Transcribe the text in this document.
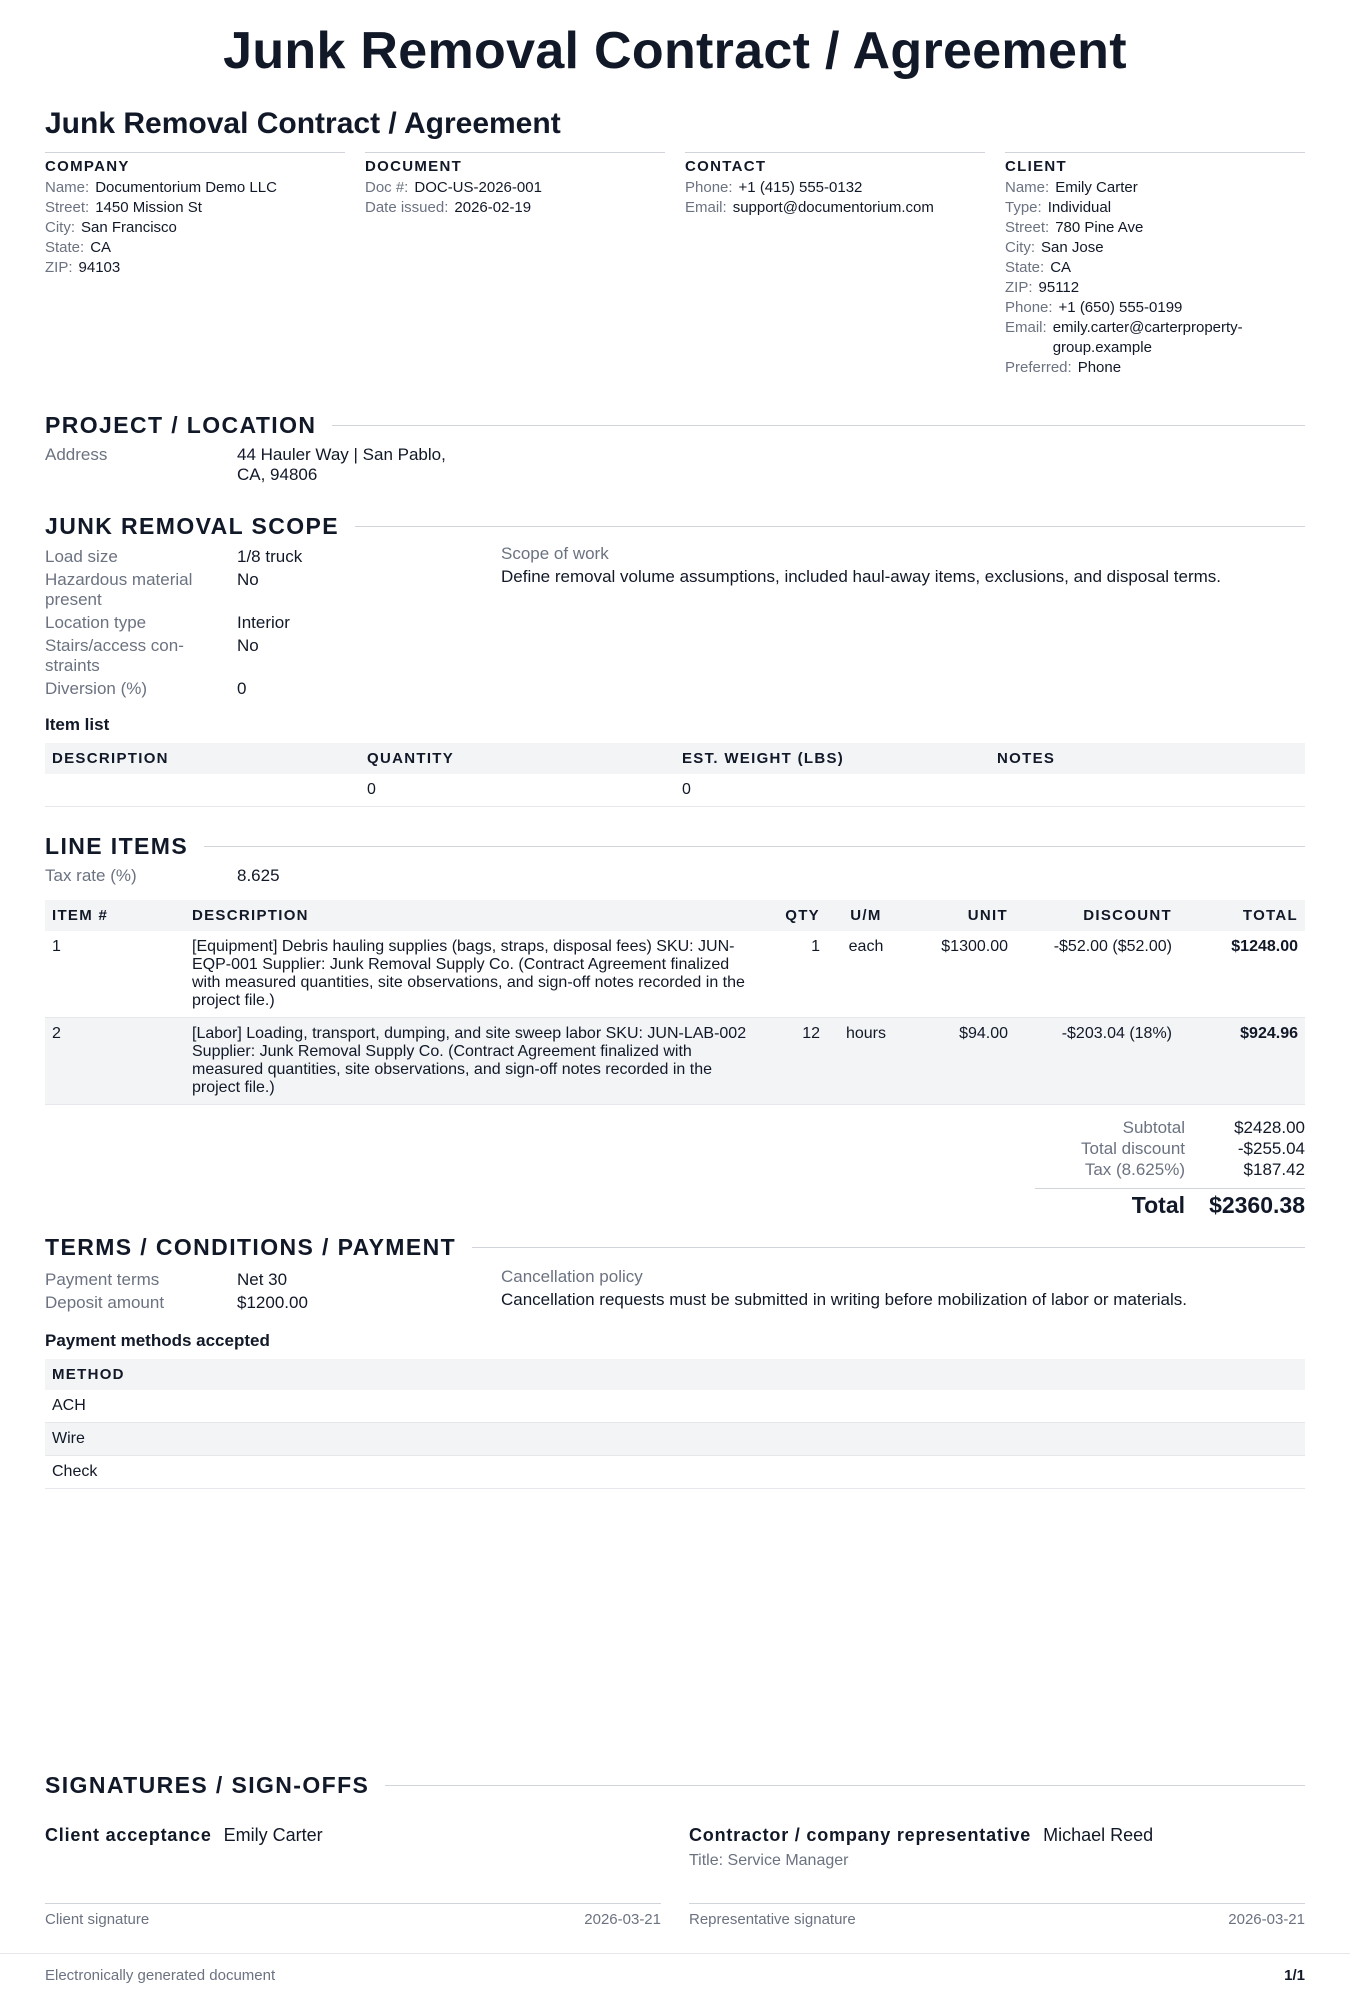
Junk Removal Contract / Agreement
Junk Removal Contract / Agreement
COMPANY
Name: Documentorium Demo LLC
Street: 1450 Mission St
City: San Francisco
State: CA
ZIP: 94103
DOCUMENT
Doc #: DOC-US-2026-001
Date issued: 2026-02-19
CONTACT
Phone: +1 (415) 555-0132
Email: support@documentorium.com
CLIENT
Name: Emily Carter
Type: Individual
Street: 780 Pine Ave
City: San Jose
State: CA
ZIP: 95112
Phone: +1 (650) 555-0199
Email: emily.carter@carterproperty-group.example
Preferred: Phone
PROJECT / LOCATION
Address	44 Hauler Way | San Pablo,
CA, 94806
JUNK REMOVAL SCOPE
Load size	1/8 truck
Hazardous material present
No
Location type	Interior
Stairs/access con-straints
No
Diversion (%)	0
Scope of work
Define removal volume assumptions, included haul-away items, exclusions, and disposal terms.
Item list
DESCRIPTION	QUANTITY	EST. WEIGHT (LBS)	NOTES
	0	0	
LINE ITEMS
Tax rate (%)	8.625
ITEM #	DESCRIPTION	QTY	U/M	UNIT	DISCOUNT	TOTAL
1	[Equipment] Debris hauling supplies (bags, straps, disposal fees) SKU: JUN-EQP-001 Supplier: Junk Removal Supply Co. (Contract Agreement finalized with measured quantities, site observations, and sign-off notes recorded in the project file.)	1	each	$1300.00	-$52.00 ($52.00)	$1248.00
2	[Labor] Loading, transport, dumping, and site sweep labor SKU: JUN-LAB-002 Supplier: Junk Removal Supply Co. (Contract Agreement finalized with measured quantities, site observations, and sign-off notes recorded in the project file.)	12	hours	$94.00	-$203.04 (18%)	$924.96
Subtotal	$2428.00
Total discount	-$255.04
Tax (8.625%)	$187.42
Total $2360.38
TERMS / CONDITIONS / PAYMENT
Payment terms	Net 30
Deposit amount	$1200.00
Cancellation policy
Cancellation requests must be submitted in writing before mobilization of labor or materials.
Payment methods accepted
METHOD
ACH
Wire
Check
SIGNATURES / SIGN-OFFS
Client acceptance Emily Carter
Client signature	2026-03-21
Contractor / company representative Michael Reed
Title: Service Manager
Representative signature	2026-03-21
Electronically generated document	1/1
